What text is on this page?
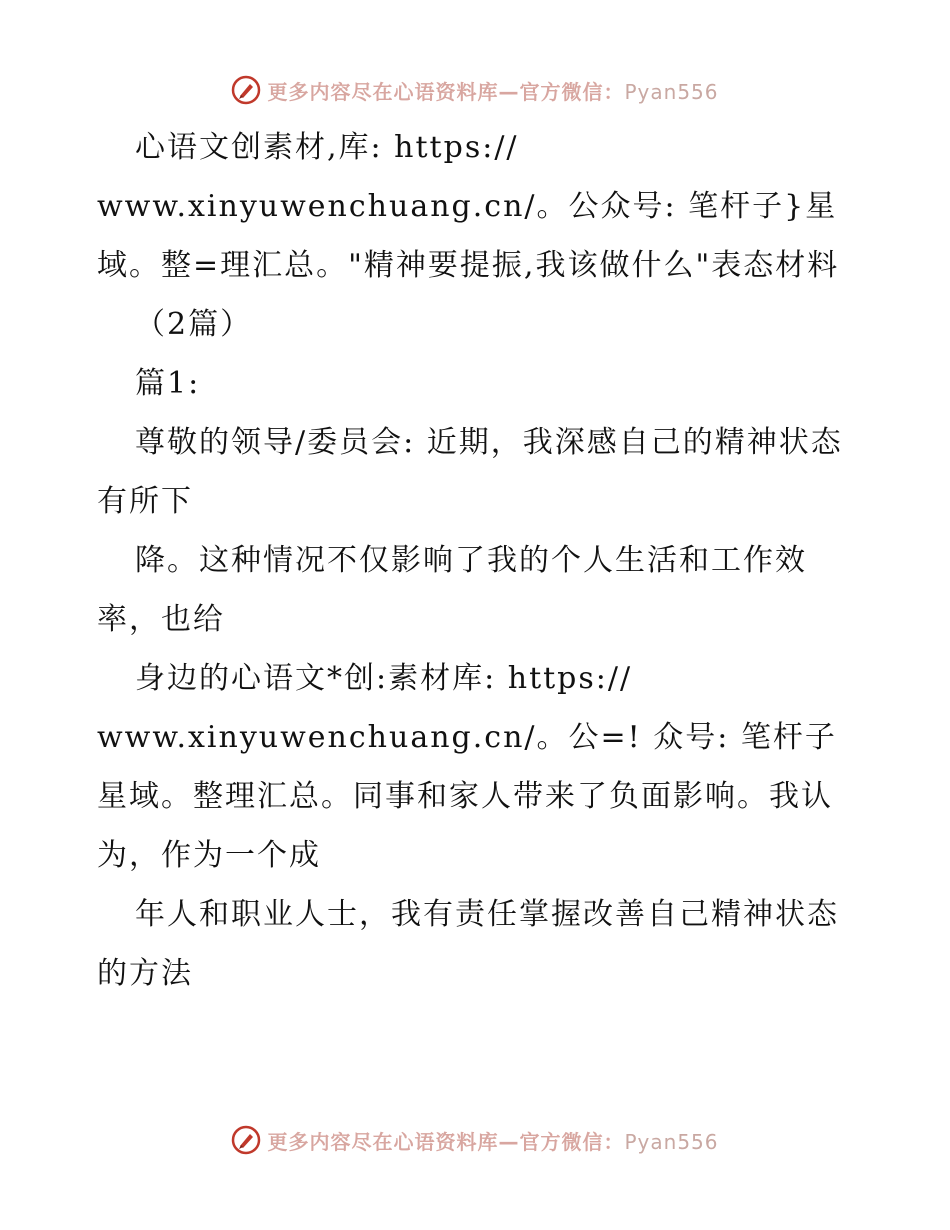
更多内容尽在心语资料库—官方微信：Pyan556

心语文创素材,库: https://

www.xinyuwenchuang.cn/。公众号: 笔杆子}星域。整=理汇总。"精神要提振,我该做什么"表态材料

（2篇）

篇1:

尊敬的领导/委员会: 近期，我深感自己的精神状态有所下

降。这种情况不仅影响了我的个人生活和工作效率，也给

身边的心语文*创:素材库: https://

www.xinyuwenchuang.cn/。公=! 众号: 笔杆子星域。整理汇总。同事和家人带来了负面影响。我认为，作为一个成

年人和职业人士，我有责任掌握改善自己精神状态的方法

更多内容尽在心语资料库—官方微信：Pyan556
